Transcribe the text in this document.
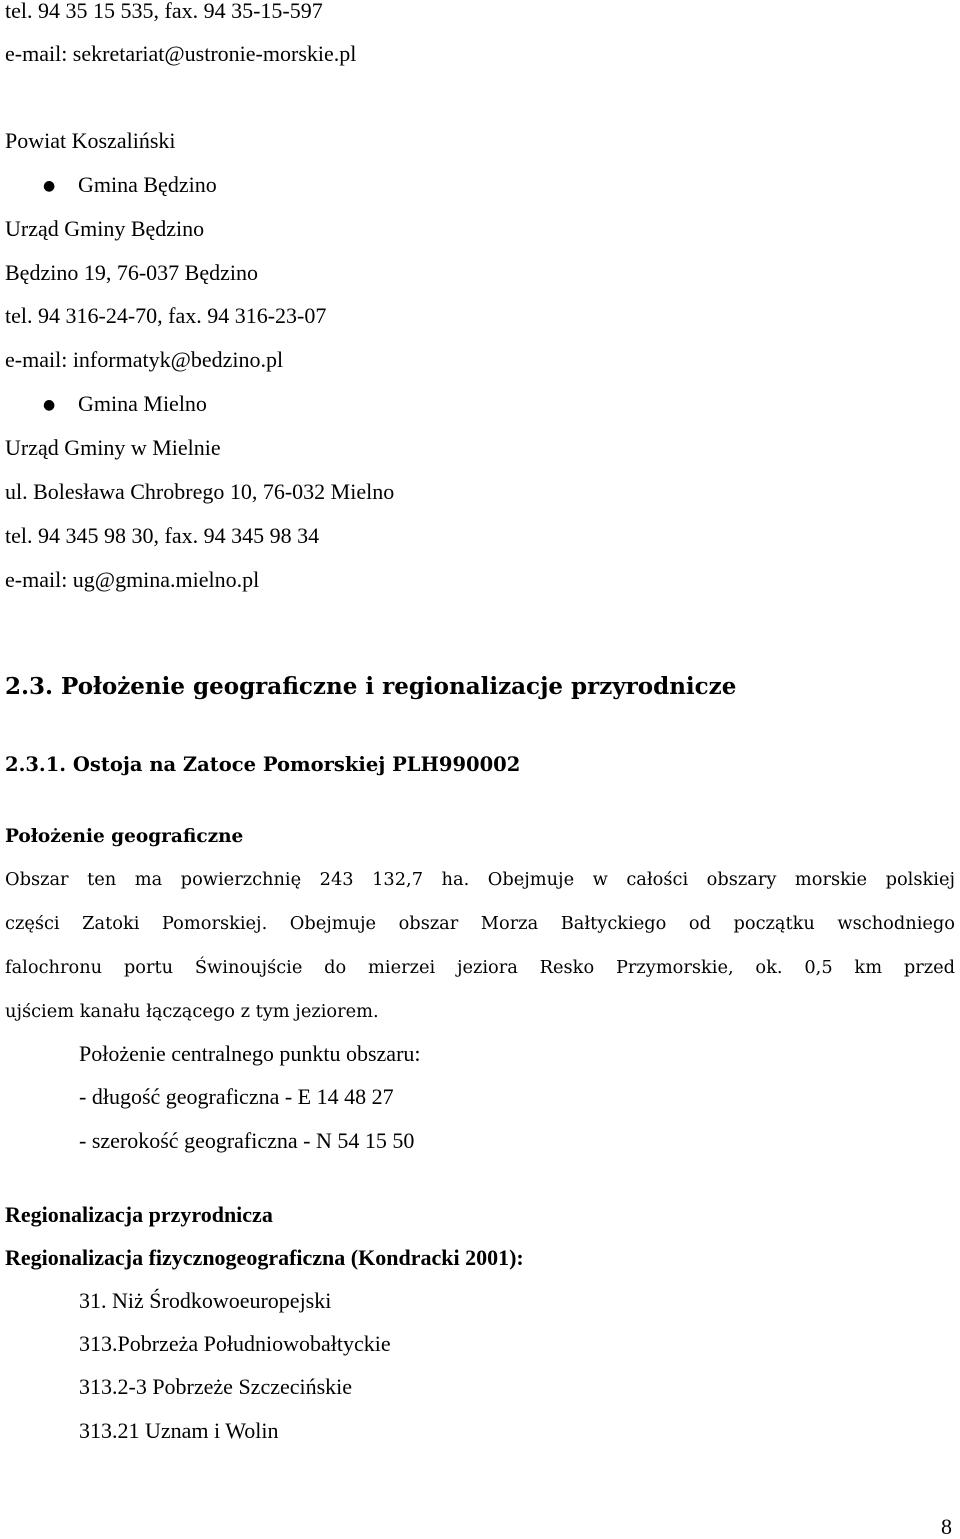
tel. 94 35 15 535, fax. 94 35-15-597
e-mail: sekretariat@ustronie-morskie.pl
Powiat Koszaliński
● Gmina Będzino
Urząd Gminy Będzino
Będzino 19, 76-037 Będzino
tel. 94 316-24-70, fax. 94 316-23-07
e-mail: informatyk@bedzino.pl
● Gmina Mielno
Urząd Gminy w Mielnie
ul. Bolesława Chrobrego 10, 76-032 Mielno
tel. 94 345 98 30, fax. 94 345 98 34
e-mail: ug@gmina.mielno.pl
2.3. Położenie geograficzne i regionalizacje przyrodnicze
2.3.1. Ostoja na Zatoce Pomorskiej PLH990002
Położenie geograficzne
Obszar ten ma powierzchnię 243 132,7 ha. Obejmuje w całości obszary morskie polskiej
części Zatoki Pomorskiej. Obejmuje obszar Morza Bałtyckiego od początku wschodniego
falochronu portu Świnoujście do mierzei jeziora Resko Przymorskie, ok. 0,5 km przed
ujściem kanału łączącego z tym jeziorem.
Położenie centralnego punktu obszaru:
- długość geograficzna - E 14 48 27
- szerokość geograficzna - N 54 15 50
Regionalizacja przyrodnicza
Regionalizacja fizycznogeograficzna (Kondracki 2001):
31. Niż Środkowoeuropejski
313.Pobrzeża Południowobałtyckie
313.2-3 Pobrzeże Szczecińskie
313.21 Uznam i Wolin
8
